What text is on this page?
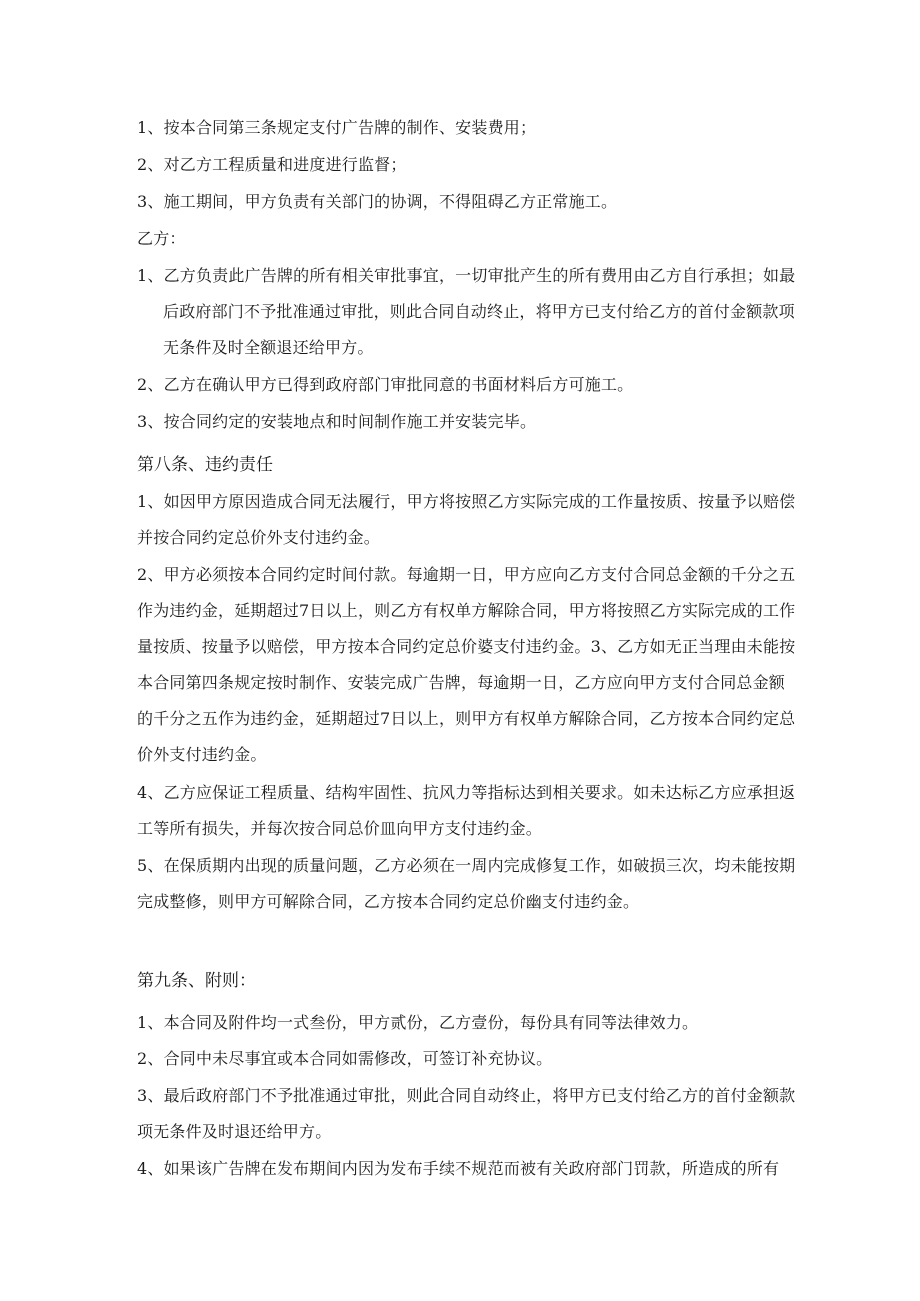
1、按本合同第三条规定支付广告牌的制作、安装费用；
2、对乙方工程质量和进度进行监督；
3、施工期间，甲方负责有关部门的协调，不得阻碍乙方正常施工。
乙方：
1、乙方负责此广告牌的所有相关审批事宜，一切审批产生的所有费用由乙方自行承担；如最
后政府部门不予批准通过审批，则此合同自动终止，将甲方已支付给乙方的首付金额款项
无条件及时全额退还给甲方。
2、乙方在确认甲方已得到政府部门审批同意的书面材料后方可施工。
3、按合同约定的安装地点和时间制作施工并安装完毕。
第八条、违约责任
1、如因甲方原因造成合同无法履行，甲方将按照乙方实际完成的工作量按质、按量予以赔偿
并按合同约定总价外支付违约金。
2、甲方必须按本合同约定时间付款。每逾期一日，甲方应向乙方支付合同总金额的千分之五
作为违约金，延期超过7日以上，则乙方有权单方解除合同，甲方将按照乙方实际完成的工作
量按质、按量予以赔偿，甲方按本合同约定总价婆支付违约金。3、乙方如无正当理由未能按
本合同第四条规定按时制作、安装完成广告牌，每逾期一日，乙方应向甲方支付合同总金额
的千分之五作为违约金，延期超过7日以上，则甲方有权单方解除合同，乙方按本合同约定总
价外支付违约金。
4、乙方应保证工程质量、结构牢固性、抗风力等指标达到相关要求。如未达标乙方应承担返
工等所有损失，并每次按合同总价皿向甲方支付违约金。
5、在保质期内出现的质量问题，乙方必须在一周内完成修复工作，如破损三次，均未能按期
完成整修，则甲方可解除合同，乙方按本合同约定总价幽支付违约金。
第九条、附则：
1、本合同及附件均一式叁份，甲方贰份，乙方壹份，每份具有同等法律效力。
2、合同中未尽事宜或本合同如需修改，可签订补充协议。
3、最后政府部门不予批准通过审批，则此合同自动终止，将甲方已支付给乙方的首付金额款
项无条件及时退还给甲方。
4、如果该广告牌在发布期间内因为发布手续不规范而被有关政府部门罚款，所造成的所有
